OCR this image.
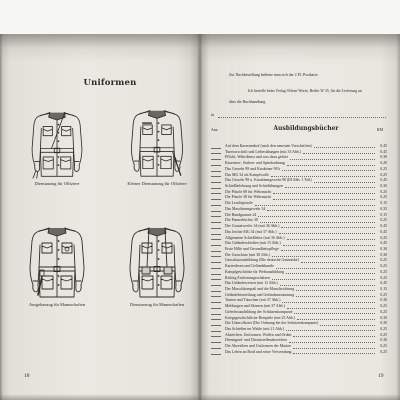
Uniformen
Dienstanzug für Offiziere	Kleiner Dienstanzug für Offiziere
Ausgehanzug für Mannschaften	Dienstanzug für Mannschaften
18
Zur Nachbestellung bediene man sich der 2 Pf. Postkarte.
Ich bestelle beim Verlag Offene Worte, Berlin W 35, für die Lieferung an
über die Buchhandlung
in
Anz.	Ausbildungsbücher	RM
Auf dem Kasernenhof (nach den neuesten Vorschriften)	0,45
Turnvorschrift und Leibesübungen (mit 33 Abb.)	0,45
Pflicht, Wehrdienst und was dazu gehört	0,30
Kasernen-, Stuben- und Spindordnung	0,20
Das Gewehr 98 und Karabiner 98 k	0,25
Das MG 34 als Kampfwaffe	0,25
Das Gewehr 98 u. Karabinergewehr 98 (III Abb. 1 Teil)	0,45
Schießbelehrung und Schießübungen	0,30
Die Pistole 08 für Wehrmacht	0,25
Die Pistole 38 für Wehrmacht	0,25
Die Leuchtpistole	0,15
Das Maschinengewehr 34	0,35
Die Handgranate 24	0,15
Die Panzerbüchse 38	0,25
Der Granatwerfer 34 (mit 36 Abb.)	0,45
Das leichte MG 34 (mit 37 Abb.)	0,45
Allgemeine Schießlehre (mit 36 Abb.)	0,25
Das Geländeschießen (mit 15 Abb.)	0,45
Erste Hilfe und Gesundheitspflege	0,30
Der Gasschutz (mit 38 Abb.)	0,30
Gasschutzausbildung (Die deutsche Gasmaske)	0,25
Kartenlesen und Geländekunde	0,25
Kampfgeschichte für Wehrausbildung	0,25
Richtig Entfernungsschätzen	0,25
Das Geländeweisen (mit 12 Abb.)	0,45
Der Marschkompaß und die Marschrichtung	0,15
Geländebeurteilung und Geländeausnutzung	0,25
Tarnen und Täuschen (mit 37 Abb.)	0,30
Meldungen und Skizzen (mit 37 Abb.)	0,25
Gefechtsausbildung der Schützenkompanie	0,25
Kriegsgeschichtliche Beispiele (mit 25 Abb.)	0,30
Der Unteroffizier (Die Ordnung bei der Schützenkompanie)	0,30
Das Schießen im Walde (mit 21 Abb.)	0,25
Abzeichen, Uniformen, Waffen und Orden	0,25
Dienstgrad- und Dienststellenabzeichen	0,30
Die Abzeichen und Uniformen der Marine	0,25
Das Leben an Bord und seine Verwendung	0,25
19
